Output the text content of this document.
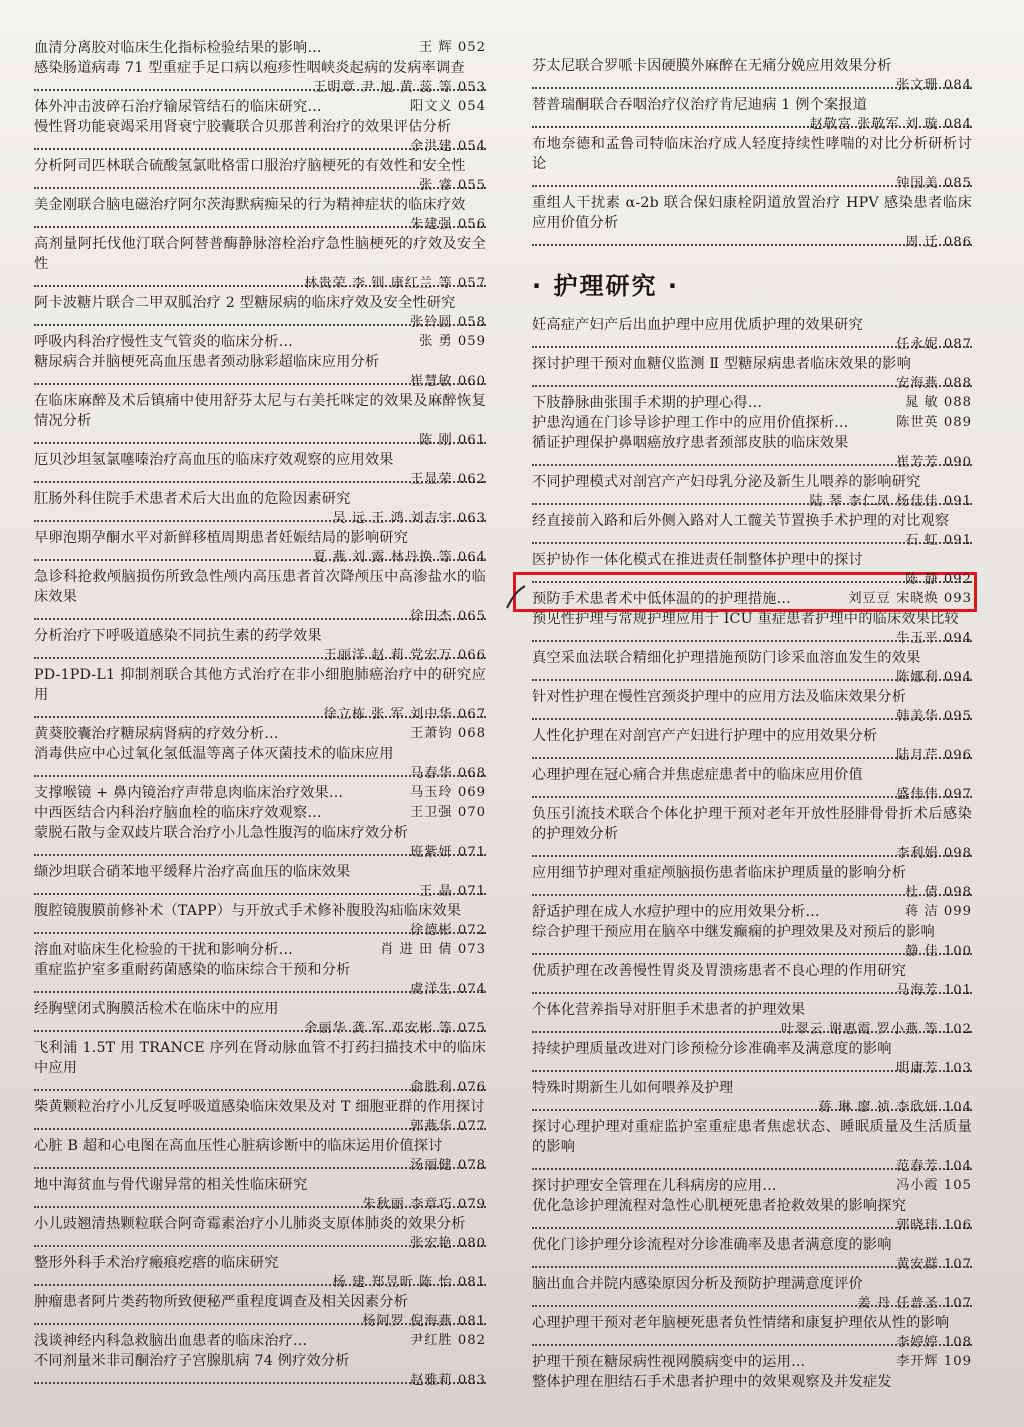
王 辉 052
血清分离胶对临床生化指标检验结果的影响…

感染肠道病毒 71 型重症手足口病以疱疹性咽峡炎起病的发病率调查

王明章 尹 旭 黄 蕊 等 053

阳文义 054
体外冲击波碎石治疗输尿管结石的临床研究…

慢性肾功能衰竭采用肾衰宁胶囊联合贝那普利治疗的效果评估分析

余洪建 054

分析阿司匹林联合硫酸氢氯吡格雷口服治疗脑梗死的有效性和安全性

张 睿 055

美金刚联合脑电磁治疗阿尔茨海默病痴呆的行为精神症状的临床疗效

朱建强 056

高剂量阿托伐他汀联合阿替普酶静脉溶栓治疗急性脑梗死的疗效及安全性

林贵荣 李 钏 康红兰 等 057

阿卡波糖片联合二甲双胍治疗 2 型糖尿病的临床疗效及安全性研究

张铃圆 058

张 勇 059
呼吸内科治疗慢性支气管炎的临床分析…

糖尿病合并脑梗死高血压患者颈动脉彩超临床应用分析

崔慧敏 060

在临床麻醉及术后镇痛中使用舒芬太尼与右美托咪定的效果及麻醉恢复情况分析

陈 刚 061

厄贝沙坦氢氯噻嗪治疗高血压的临床疗效观察的应用效果

王显荣 062

肛肠外科住院手术患者术后大出血的危险因素研究

吴 远 王 鸿 刘吉宇 063

早卵泡期孕酮水平对新鲜移植周期患者妊娠结局的影响研究

夏 燕 刘 露 林丹换 等 064

急诊科抢救颅脑损伤所致急性颅内高压患者首次降颅压中高渗盐水的临床效果

徐田杰 065

分析治疗下呼吸道感染不同抗生素的药学效果

王丽洋 赵 莉 党宏万 066

PD-1PD-L1 抑制剂联合其他方式治疗在非小细胞肺癌治疗中的研究应用

徐立栋 张 军 刘中华 067

王萧钧 068
黄葵胶囊治疗糖尿病肾病的疗效分析…

消毒供应中心过氧化氢低温等离子体灭菌技术的临床应用

马春华 068

马玉玲 069
支撑喉镜 + 鼻内镜治疗声带息肉临床治疗效果…

王卫强 070
中西医结合内科治疗脑血栓的临床疗效观察…

蒙脱石散与金双歧片联合治疗小儿急性腹泻的临床疗效分析

班紫妍 071

缬沙坦联合硝苯地平缓释片治疗高血压的临床效果

王 晶 071

腹腔镜腹膜前修补术（TAPP）与开放式手术修补腹股沟疝临床效果

徐德彬 072

肖 进 田 倩 073
溶血对临床生化检验的干扰和影响分析…

重症监护室多重耐药菌感染的临床综合干预和分析

虞洋生 074

经胸壁闭式胸膜活检术在临床中的应用

余丽华 龚 军 邓安彬 等 075

飞利浦 1.5T 用 TRANCE 序列在肾动脉血管不打药扫描技术中的临床中应用

俞胜利 076

柴黄颗粒治疗小儿反复呼吸道感染临床效果及对 T 细胞亚群的作用探讨

郭燕华 077

心脏 B 超和心电图在高血压性心脏病诊断中的临床运用价值探讨

汤丽健 078

地中海贫血与骨代谢异常的相关性临床研究

朱秋丽 李章巧 079

小儿豉翘清热颗粒联合阿奇霉素治疗小儿肺炎支原体肺炎的效果分析

张宏艳 080

整形外科手术治疗瘢痕疙瘩的临床研究

杨 建 郑昱昕 陈 怡 081

肿瘤患者阿片类药物所致便秘严重程度调查及相关因素分析

杨阿罗 倪海燕 081

尹红胜 082
浅谈神经内科急救脑出血患者的临床治疗…

不同剂量米非司酮治疗子宫腺肌病 74 例疗效分析

赵雅莉 083

芬太尼联合罗哌卡因硬膜外麻醉在无痛分娩应用效果分析

张文珊 084

替普瑞酮联合吞咽治疗仪治疗肯尼迪病 1 例个案报道

赵敬富 张敬军 刘 璇 084

布地奈德和孟鲁司特临床治疗成人轻度持续性哮喘的对比分析研析讨论

钟国美 085

重组人干扰素 α-2b 联合保妇康栓阴道放置治疗 HPV 感染患者临床应用价值分析

周 迁 086

· 护理研究 ·

妊高症产妇产后出血护理中应用优质护理的效果研究

任永妮 087

探讨护理干预对血糖仪监测 Ⅱ 型糖尿病患者临床效果的影响

安海燕 088

晁 敏 088
下肢静脉曲张围手术期的护理心得…

陈世英 089
护患沟通在门诊导诊护理工作中的应用价值探析…

循证护理保护鼻咽癌放疗患者颈部皮肤的临床效果

崔芳芳 090

不同护理模式对剖宫产产妇母乳分泌及新生儿喂养的影响研究

陆 琴 李仁凤 杨佳佳 091

经直接前入路和后外侧入路对人工髋关节置换手术护理的对比观察

石 虹 091

医护协作一体化模式在推进责任制整体护理中的探讨

陈 静 092

刘豆豆 宋晓焕 093
预防手术患者术中低体温的的护理措施…

预见性护理与常规护理应用于 ICU 重症患者护理中的临床效果比较

牛玉平 094

真空采血法联合精细化护理措施预防门诊采血溶血发生的效果

陈娜利 094

针对性护理在慢性宫颈炎护理中的应用方法及临床效果分析

韩美华 095

人性化护理在对剖宫产产妇进行护理中的应用效果分析

陆月芹 096

心理护理在冠心痛合并焦虑症患者中的临床应用价值

盛伟伟 097

负压引流技术联合个体化护理干预对老年开放性胫腓骨骨折术后感染的护理效分析

李利娟 098

应用细节护理对重症颅脑损伤患者临床护理质量的影响分析

杜 倩 098

蒋 洁 099
舒适护理在成人水痘护理中的应用效果分析…

综合护理干预应用在脑卒中继发癫痫的护理效果及对预后的影响

静 佳 100

优质护理在改善慢性胃炎及胃溃疡患者不良心理的作用研究

马海芳 101

个体化营养指导对肝胆手术患者的护理效果

叶翠云 谢惠霞 罗小燕 等 102

持续护理质量改进对门诊预检分诊准确率及满意度的影响

明庸芳 103

特殊时期新生儿如何喂养及护理

蒋 琳 廖 祯 李欣妍 104

探讨心理护理对重症监护室重症患者焦虑状态、睡眠质量及生活质量的影响

范春芳 104

冯小霞 105
探讨护理安全管理在儿科病房的应用…

优化急诊护理流程对急性心肌梗死患者抢救效果的影响探究

郭晓玮 106

优化门诊护理分诊流程对分诊准确率及患者满意度的影响

黄安群 107

脑出血合并院内感染原因分析及预防护理满意度评价

姜 丹 任普圣 107

心理护理干预对老年脑梗死患者负性情绪和康复护理依从性的影响

李婷婷 108

李开辉 109
护理干预在糖尿病性视网膜病变中的运用…

整体护理在胆结石手术患者护理中的效果观察及并发症发
